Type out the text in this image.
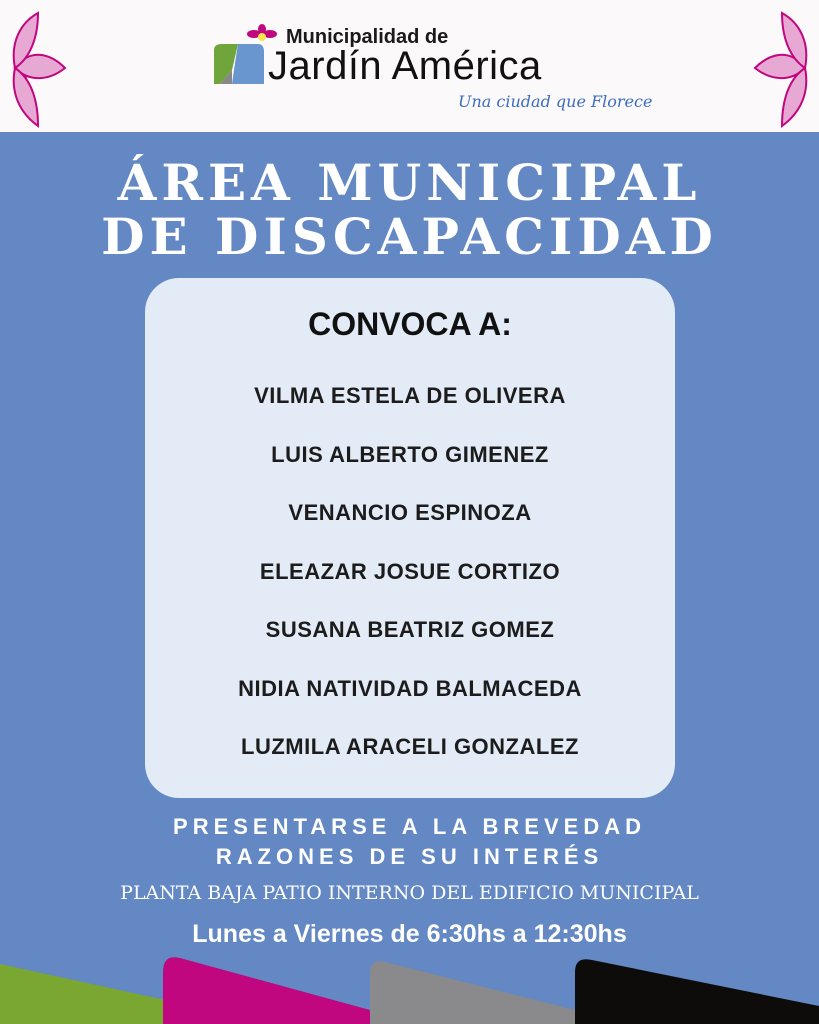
Municipalidad de
Jardín América
Una ciudad que Florece
ÁREA MUNICIPAL
DE DISCAPACIDAD
CONVOCA A:
VILMA ESTELA DE OLIVERA
LUIS ALBERTO GIMENEZ
VENANCIO ESPINOZA
ELEAZAR JOSUE CORTIZO
SUSANA BEATRIZ GOMEZ
NIDIA NATIVIDAD BALMACEDA
LUZMILA ARACELI GONZALEZ
PRESENTARSE A LA BREVEDAD
RAZONES DE SU INTERÉS
PLANTA BAJA PATIO INTERNO DEL EDIFICIO MUNICIPAL
Lunes a Viernes de 6:30hs a 12:30hs
